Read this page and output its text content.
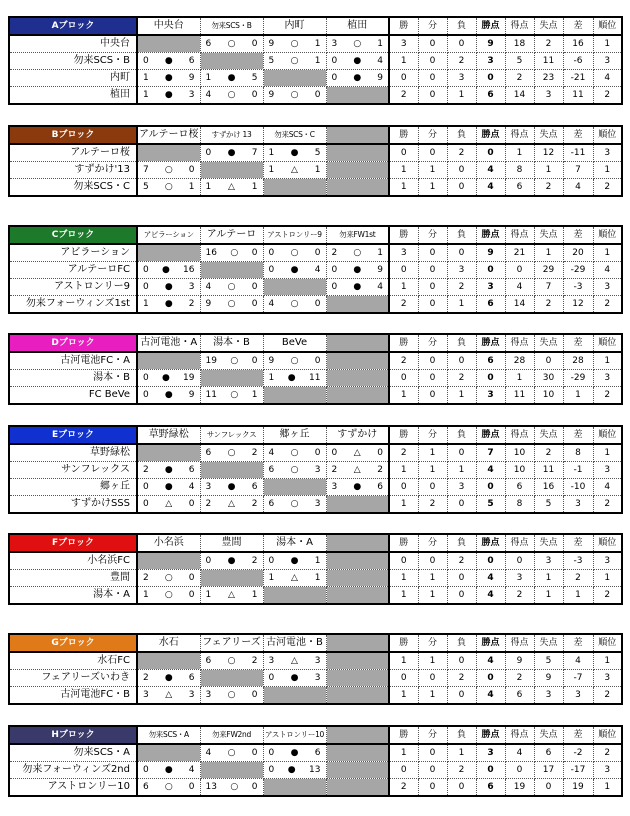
Aブロック	中央台	勿来SCS・B	内町	植田	勝	分	負	勝点	得点	失点	差	順位
中央台		6 ○ 0	9 ○ 1	3 ○ 1	3	0	0	9	18	2	16	1
勿来SCS・B	0 ● 6		5 ○ 1	0 ● 4	1	0	2	3	5	11	-6	3
内町	1 ● 9	1 ● 5		0 ● 9	0	0	3	0	2	23	-21	4
植田	1 ● 3	4 ○ 0	9 ○ 0		2	0	1	6	14	3	11	2
Bブロック	アルテーロ桜	すずかけ 13	勿来SCS・C		勝	分	負	勝点	得点	失点	差	順位
アルテーロ桜		0 ● 7	1 ● 5		0	0	2	0	1	12	-11	3
すずかけ'13	7 ○ 0		1 △ 1		1	1	0	4	8	1	7	1
勿来SCS・C	5 ○ 1	1 △ 1			1	1	0	4	6	2	4	2
Cブロック	アビラーション	アルテーロ	アストロンリー9	勿来FW1st	勝	分	負	勝点	得点	失点	差	順位
アビラーション		16 ○ 0	0 ○ 0	2 ○ 1	3	0	0	9	21	1	20	1
アルテーロFC	0 ● 16		0 ● 4	0 ● 9	0	0	3	0	0	29	-29	4
アストロンリー9	0 ● 3	4 ○ 0		0 ● 4	1	0	2	3	4	7	-3	3
勿来フォーウィンズ1st	1 ● 2	9 ○ 0	4 ○ 0		2	0	1	6	14	2	12	2
Dブロック	古河電池・A	湯本・B	BeVe		勝	分	負	勝点	得点	失点	差	順位
古河電池FC・A		19 ○ 0	9 ○ 0		2	0	0	6	28	0	28	1
湯本・B	0 ● 19		1 ● 11		0	0	2	0	1	30	-29	3
FC BeVe	0 ● 9	11 ○ 1			1	0	1	3	11	10	1	2
Eブロック	草野緑松	サンフレックス	郷ヶ丘	すずかけ	勝	分	負	勝点	得点	失点	差	順位
草野緑松		6 ○ 2	4 ○ 0	0 △ 0	2	1	0	7	10	2	8	1
サンフレックス	2 ● 6		6 ○ 3	2 △ 2	1	1	1	4	10	11	-1	3
郷ヶ丘	0 ● 4	3 ● 6		3 ● 6	0	0	3	0	6	16	-10	4
すずかけSSS	0 △ 0	2 △ 2	6 ○ 3		1	2	0	5	8	5	3	2
Fブロック	小名浜	豊間	湯本・A		勝	分	負	勝点	得点	失点	差	順位
小名浜FC		0 ● 2	0 ● 1		0	0	2	0	0	3	-3	3
豊間	2 ○ 0		1 △ 1		1	1	0	4	3	1	2	1
湯本・A	1 ○ 0	1 △ 1			1	1	0	4	2	1	1	2
Gブロック	水石	フェアリーズ	古河電池・B		勝	分	負	勝点	得点	失点	差	順位
水石FC		6 ○ 2	3 △ 3		1	1	0	4	9	5	4	1
フェアリーズいわき	2 ● 6		0 ● 3		0	0	2	0	2	9	-7	3
古河電池FC・B	3 △ 3	3 ○ 0			1	1	0	4	6	3	3	2
Hブロック	勿来SCS・A	勿来FW2nd	アストロンリー10		勝	分	負	勝点	得点	失点	差	順位
勿来SCS・A		4 ○ 0	0 ● 6		1	0	1	3	4	6	-2	2
勿来フォーウィンズ2nd	0 ● 4		0 ● 13		0	0	2	0	0	17	-17	3
アストロンリー10	6 ○ 0	13 ○ 0			2	0	0	6	19	0	19	1
